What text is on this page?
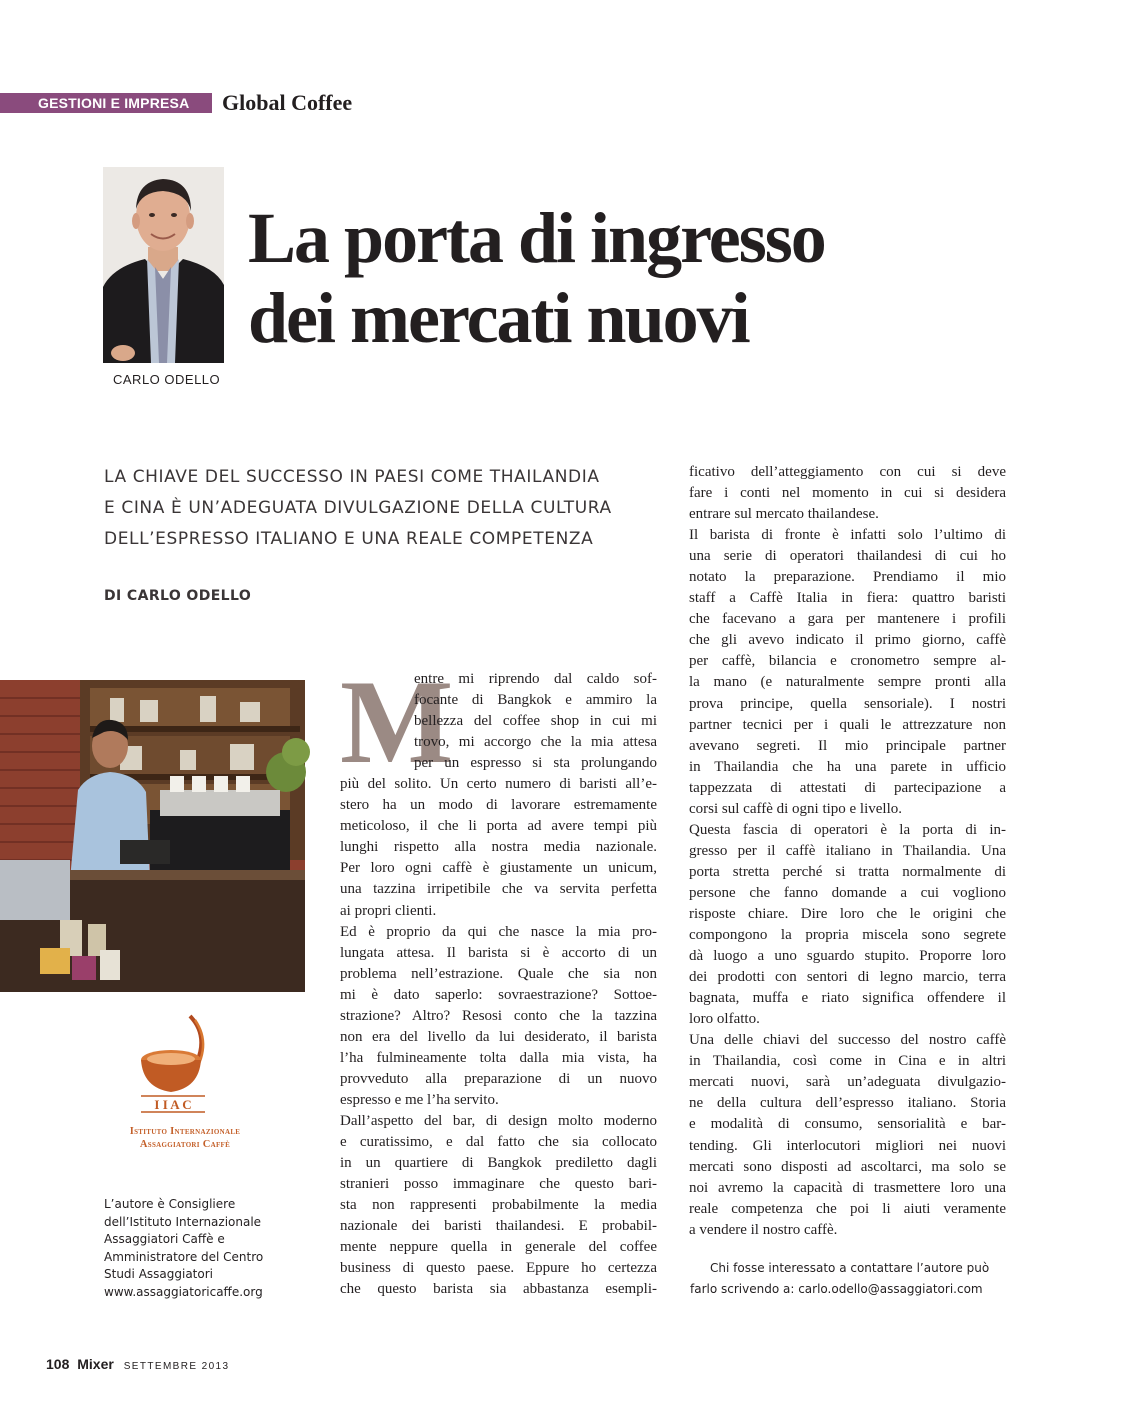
GESTIONI E IMPRESA Global Coffee
CARLO ODELLO
La porta di ingresso
dei mercati nuovi
LA CHIAVE DEL SUCCESSO IN PAESI COME THAILANDIA
E CINA È UN’ADEGUATA DIVULGAZIONE DELLA CULTURA
DELL’ESPRESSO ITALIANO E UNA REALE COMPETENZA
DI CARLO ODELLO
I I A C
Istituto Internazionale
Assaggiatori Caffè
L’autore è Consigliere
dell’Istituto Internazionale
Assaggiatori Caffè e
Amministratore del Centro
Studi Assaggiatori
www.assaggiatoricaffe.org
M
entre mi riprendo dal caldo sof-
focante di Bangkok e ammiro la
bellezza del coffee shop in cui mi
trovo, mi accorgo che la mia attesa
per un espresso si sta prolungando
più del solito. Un certo numero di baristi all’e-
stero ha un modo di lavorare estremamente
meticoloso, il che li porta ad avere tempi più
lunghi rispetto alla nostra media nazionale.
Per loro ogni caffè è giustamente un unicum,
una tazzina irripetibile che va servita perfetta
ai propri clienti.
Ed è proprio da qui che nasce la mia pro-
lungata attesa. Il barista si è accorto di un
problema nell’estrazione. Quale che sia non
mi è dato saperlo: sovraestrazione? Sottoe-
strazione? Altro? Resosi conto che la tazzina
non era del livello da lui desiderato, il barista
l’ha fulmineamente tolta dalla mia vista, ha
provveduto alla preparazione di un nuovo
espresso e me l’ha servito.
Dall’aspetto del bar, di design molto moderno
e curatissimo, e dal fatto che sia collocato
in un quartiere di Bangkok prediletto dagli
stranieri posso immaginare che questo bari-
sta non rappresenti probabilmente la media
nazionale dei baristi thailandesi. E probabil-
mente neppure quella in generale del coffee
business di questo paese. Eppure ho certezza
che questo barista sia abbastanza esempli-
ficativo dell’atteggiamento con cui si deve
fare i conti nel momento in cui si desidera
entrare sul mercato thailandese.
Il barista di fronte è infatti solo l’ultimo di
una serie di operatori thailandesi di cui ho
notato la preparazione. Prendiamo il mio
staff a Caffè Italia in fiera: quattro baristi
che facevano a gara per mantenere i profili
che gli avevo indicato il primo giorno, caffè
per caffè, bilancia e cronometro sempre al-
la mano (e naturalmente sempre pronti alla
prova principe, quella sensoriale). I nostri
partner tecnici per i quali le attrezzature non
avevano segreti. Il mio principale partner
in Thailandia che ha una parete in ufficio
tappezzata di attestati di partecipazione a
corsi sul caffè di ogni tipo e livello.
Questa fascia di operatori è la porta di in-
gresso per il caffè italiano in Thailandia. Una
porta stretta perché si tratta normalmente di
persone che fanno domande a cui vogliono
risposte chiare. Dire loro che le origini che
compongono la propria miscela sono segrete
dà luogo a uno sguardo stupito. Proporre loro
dei prodotti con sentori di legno marcio, terra
bagnata, muffa e riato significa offendere il
loro olfatto.
Una delle chiavi del successo del nostro caffè
in Thailandia, così come in Cina e in altri
mercati nuovi, sarà un’adeguata divulgazio-
ne della cultura dell’espresso italiano. Storia
e modalità di consumo, sensorialità e bar-
tending. Gli interlocutori migliori nei nuovi
mercati sono disposti ad ascoltarci, ma solo se
noi avremo la capacità di trasmettere loro una
reale competenza che poi li aiuti veramente
a vendere il nostro caffè.
Chi fosse interessato a contattare l’autore può
farlo scrivendo a: carlo.odello@assaggiatori.com
108 Mixer SETTEMBRE 2013
